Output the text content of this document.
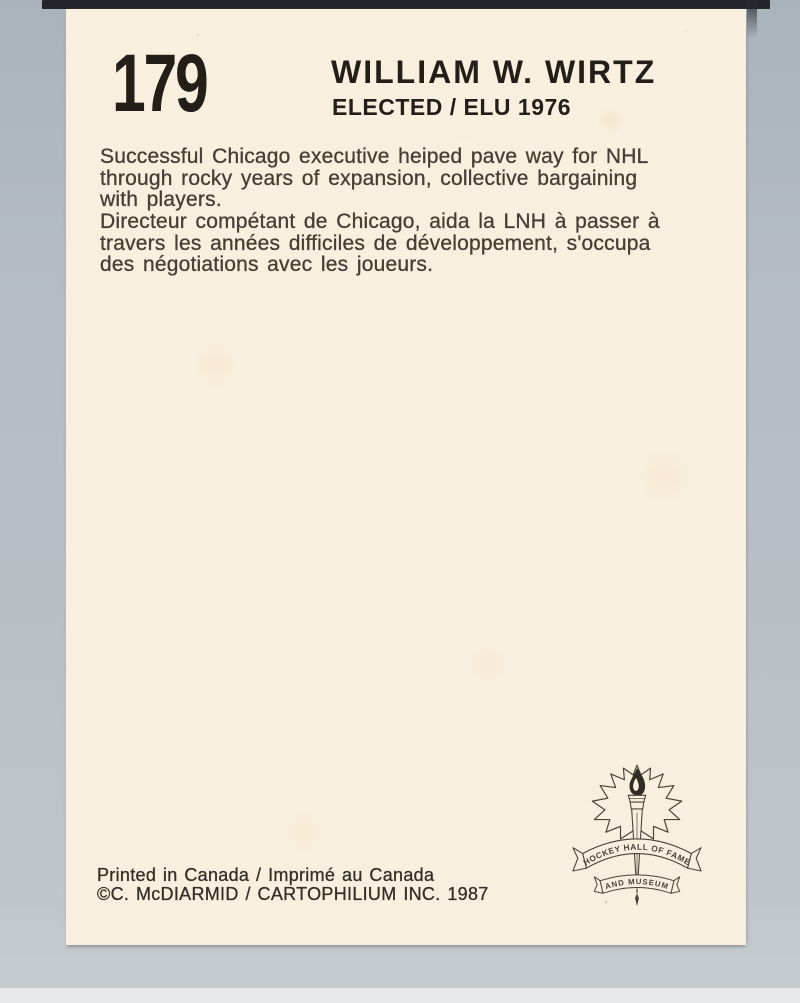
179	WILLIAM W. WIRTZ
ELECTED / ELU 1976
Successful Chicago executive heiped pave way for NHL
through rocky years of expansion, collective bargaining
with players.
Directeur compétant de Chicago, aida la LNH à passer à
travers les années difficiles de développement, s'occupa
des négotiations avec les joueurs.
Printed in Canada / Imprimé au Canada
©C. McDIARMID / CARTOPHILIUM INC. 1987
HOCKEY HALL OF FAME
AND MUSEUM
